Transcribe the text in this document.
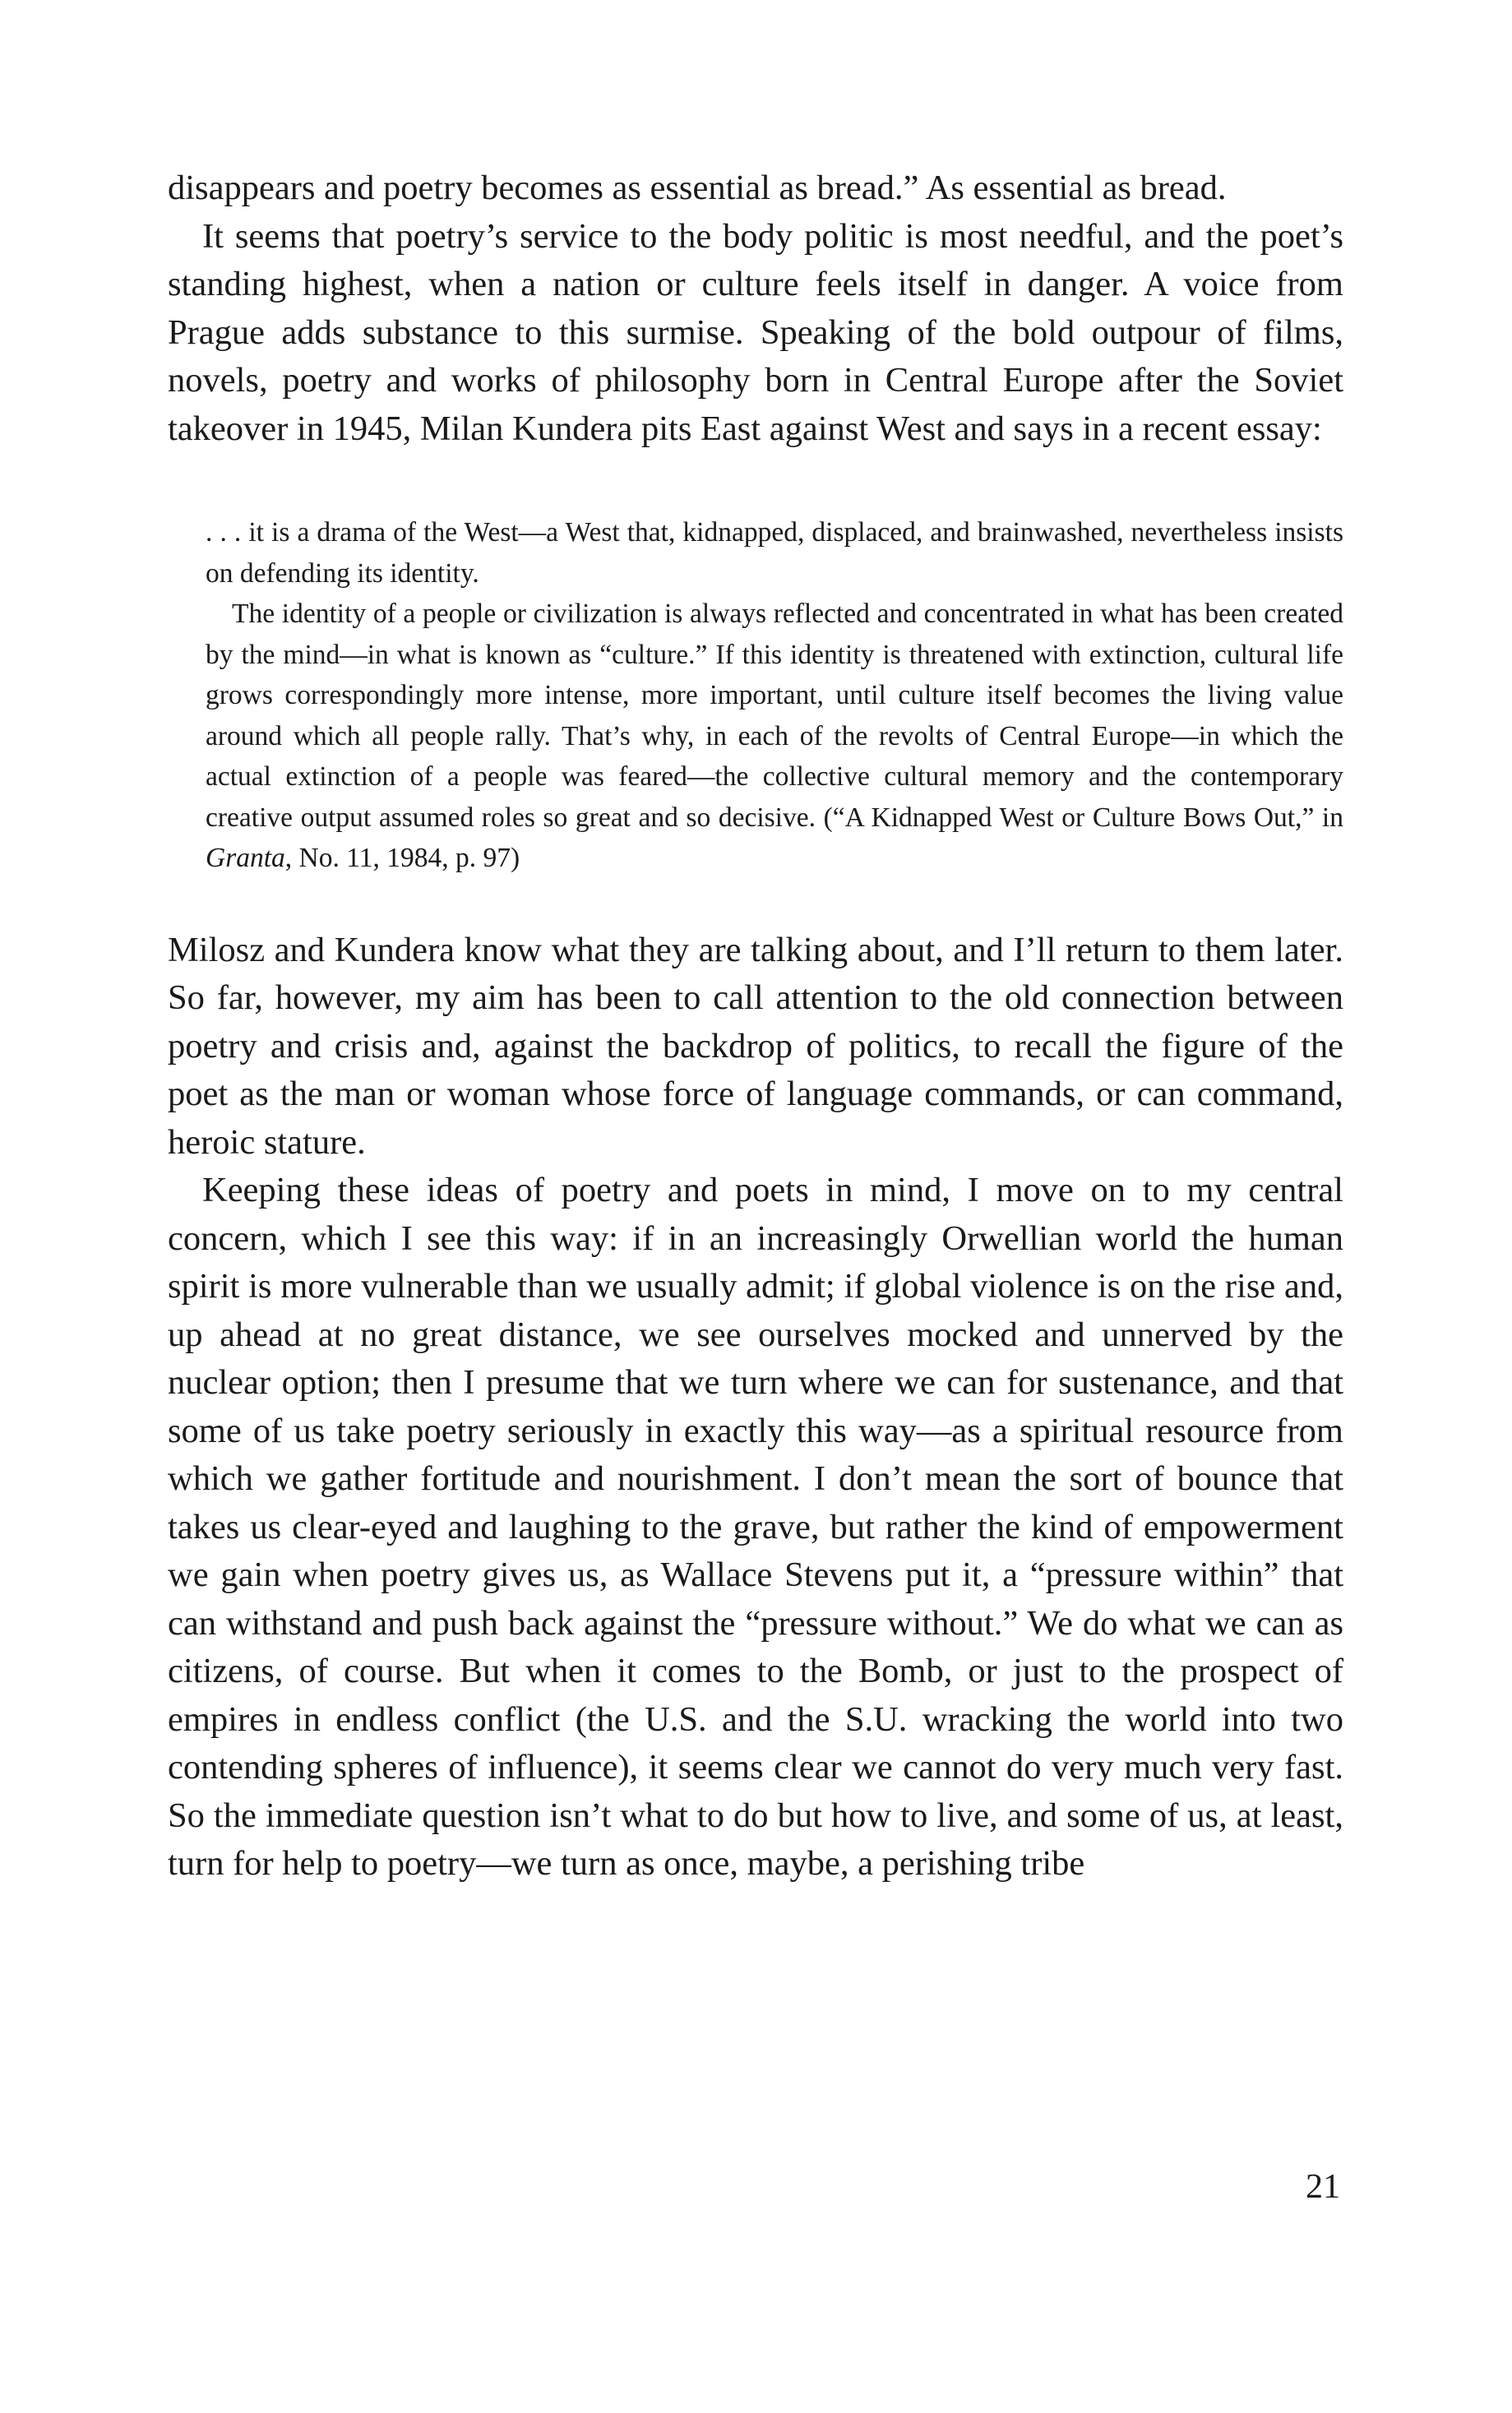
disappears and poetry becomes as essential as bread.” As essential as bread.

It seems that poetry’s service to the body politic is most needful, and the poet’s standing highest, when a nation or culture feels itself in danger. A voice from Prague adds substance to this surmise. Speaking of the bold outpour of films, novels, poetry and works of philosophy born in Central Europe after the Soviet takeover in 1945, Milan Kundera pits East against West and says in a recent essay:

. . . it is a drama of the West—a West that, kidnapped, displaced, and brainwashed, nevertheless insists on defending its identity.

The identity of a people or civilization is always reflected and concentrated in what has been created by the mind—in what is known as “culture.” If this identity is threatened with extinction, cultural life grows correspondingly more intense, more important, until culture itself becomes the living value around which all people rally. That’s why, in each of the revolts of Central Europe—in which the actual extinction of a people was feared—the collective cultural memory and the contemporary creative output assumed roles so great and so decisive. (“A Kidnapped West or Culture Bows Out,” in Granta, No. 11, 1984, p. 97)

Milosz and Kundera know what they are talking about, and I’ll return to them later. So far, however, my aim has been to call attention to the old connection between poetry and crisis and, against the backdrop of politics, to recall the figure of the poet as the man or woman whose force of language commands, or can command, heroic stature.

Keeping these ideas of poetry and poets in mind, I move on to my central concern, which I see this way: if in an increasingly Orwellian world the human spirit is more vulnerable than we usually admit; if global violence is on the rise and, up ahead at no great distance, we see ourselves mocked and unnerved by the nuclear option; then I presume that we turn where we can for sustenance, and that some of us take poetry seriously in exactly this way—as a spiritual resource from which we gather fortitude and nourishment. I don’t mean the sort of bounce that takes us clear-eyed and laughing to the grave, but rather the kind of empowerment we gain when poetry gives us, as Wallace Stevens put it, a “pressure within” that can withstand and push back against the “pressure without.” We do what we can as citizens, of course. But when it comes to the Bomb, or just to the prospect of empires in endless conflict (the U.S. and the S.U. wracking the world into two contending spheres of influence), it seems clear we cannot do very much very fast. So the immediate question isn’t what to do but how to live, and some of us, at least, turn for help to poetry—we turn as once, maybe, a perishing tribe

21
